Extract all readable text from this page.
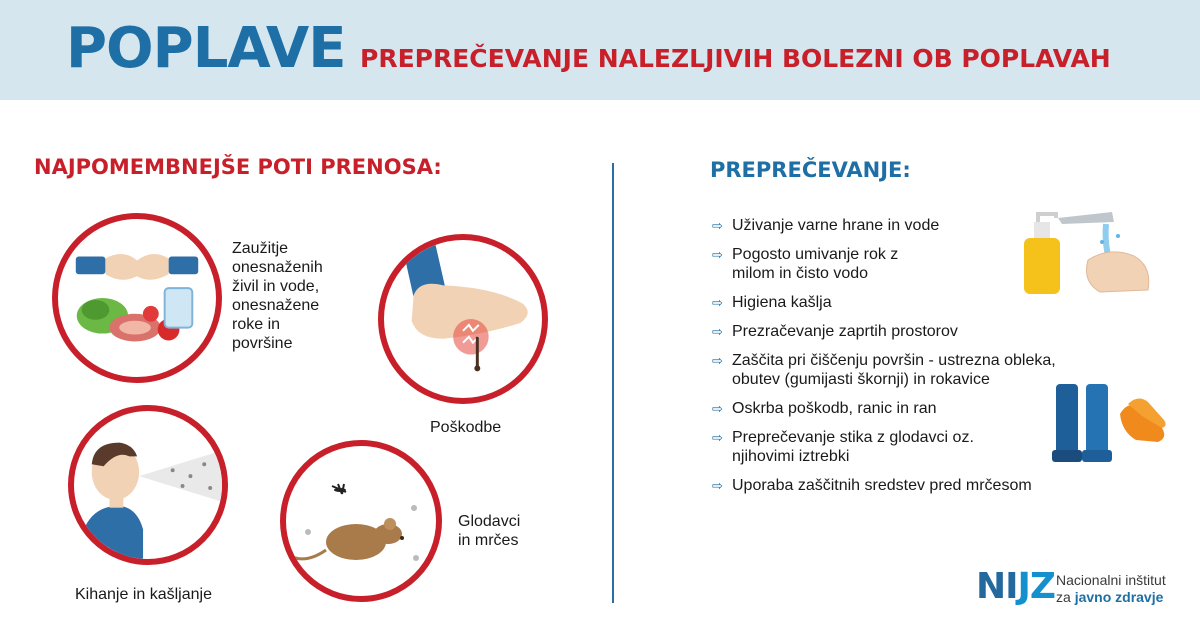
POPLAVE PREPREČEVANJE NALEZLJIVIH BOLEZNI OB POPLAVAH
NAJPOMEMBNEJŠE POTI PRENOSA:	PREPREČEVANJE:
Zaužitje
onesnaženih
živil in vode,
onesnažene
roke in
površine
Poškodbe
Kihanje in kašljanje
Glodavci
in mrčes
⇨ Uživanje varne hrane in vode
⇨ Pogosto umivanje rok z
milom in čisto vodo
⇨ Higiena kašlja
⇨ Prezračevanje zaprtih prostorov
⇨ Zaščita pri čiščenju površin - ustrezna obleka,
obutev (gumijasti škornji) in rokavice
⇨ Oskrba poškodb, ranic in ran
⇨ Preprečevanje stika z glodavci oz.
njihovimi iztrebki
⇨ Uporaba zaščitnih sredstev pred mrčesom
NIJZ Nacionalni inštitut
za javno zdravje
